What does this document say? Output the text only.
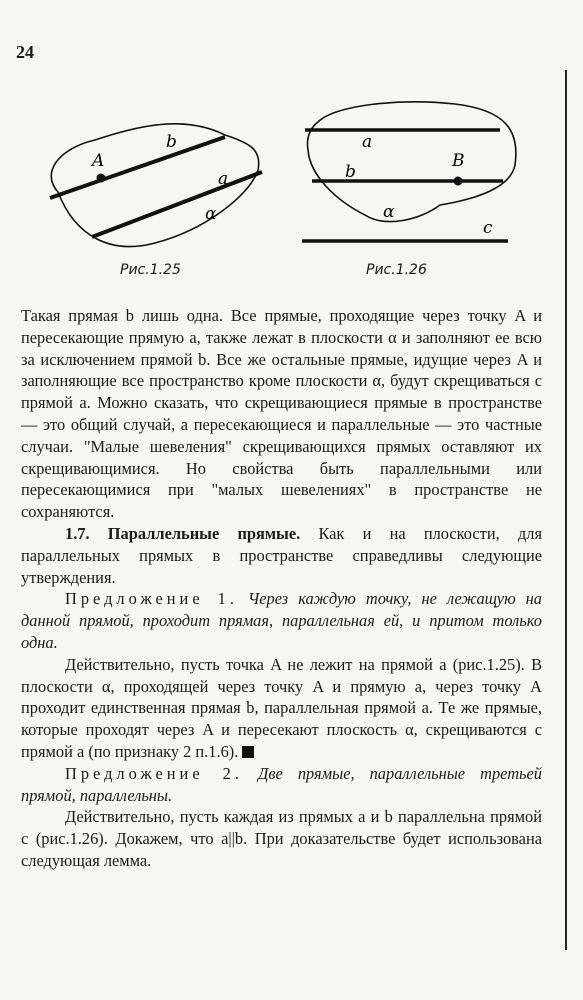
24
A
b
a
α
a
b
B
α
c
Рис.1.25	Рис.1.26

Такая прямая b лишь одна. Все прямые, проходящие через точку A и пересекающие прямую a, также лежат в плоскости α и заполняют ее всю за исключением прямой b. Все же остальные прямые, идущие через A и заполняющие все пространство кроме плоскости α, будут скрещиваться с прямой a. Можно сказать, что скрещивающиеся прямые в пространстве — это общий случай, а пересекающиеся и параллельные — это частные случаи. "Малые шевеления" скрещивающихся прямых оставляют их скрещивающимися. Но свойства быть параллельными или пересекающимися при "малых шевелениях" в пространстве не сохраняются.

1.7. Параллельные прямые. Как и на плоскости, для параллельных прямых в пространстве справедливы следующие утверждения.

Предложение 1. Через каждую точку, не лежащую на данной прямой, проходит прямая, параллельная ей, и притом только одна.

Действительно, пусть точка A не лежит на прямой a (рис.1.25). В плоскости α, проходящей через точку A и прямую a, через точку A проходит единственная прямая b, параллельная прямой a. Те же прямые, которые проходят через A и пересекают плоскость α, скрещиваются с прямой a (по признаку 2 п.1.6).

Предложение 2. Две прямые, параллельные третьей прямой, параллельны.

Действительно, пусть каждая из прямых a и b параллельна прямой c (рис.1.26). Докажем, что a||b. При доказательстве будет использована следующая лемма.
